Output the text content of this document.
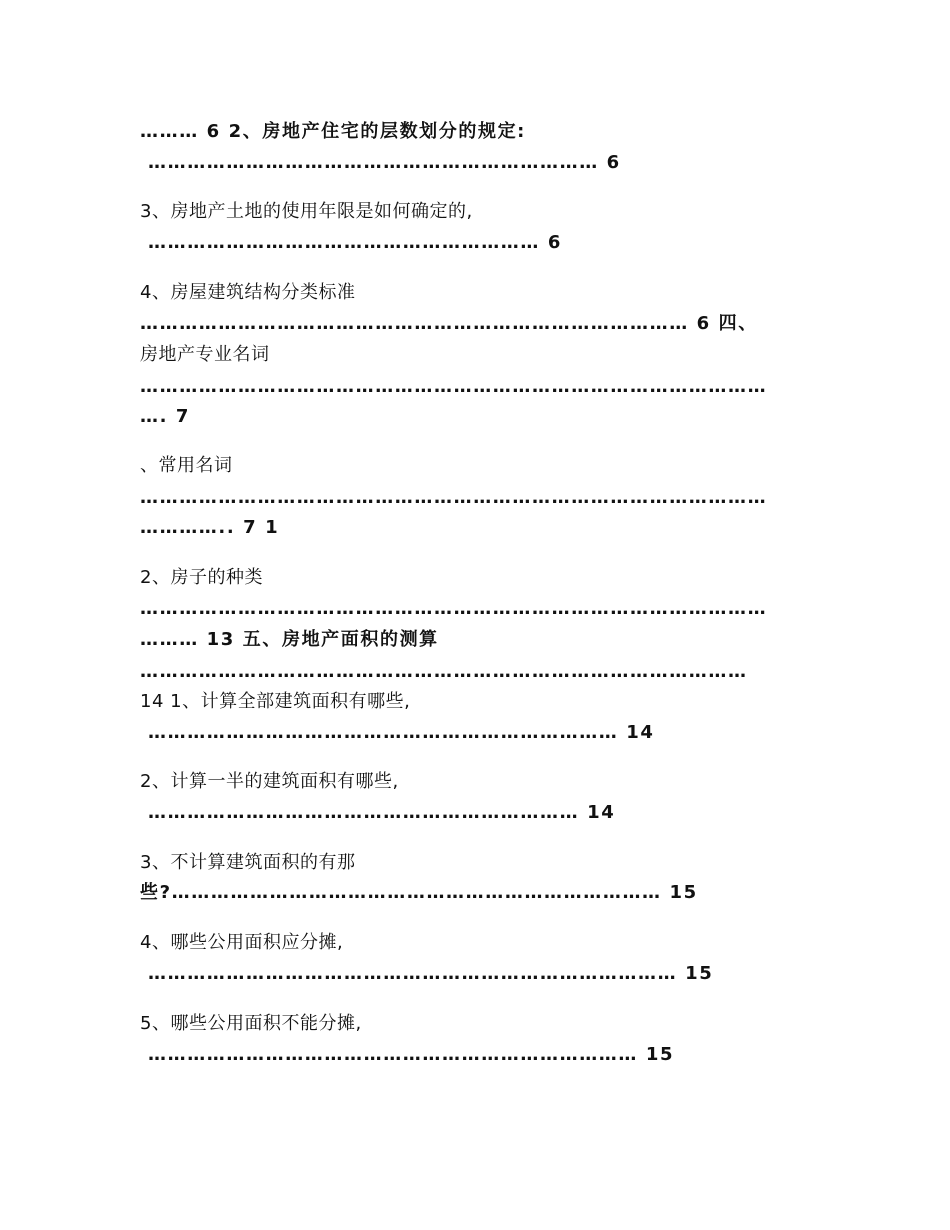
……… 6 2、房地产住宅的层数划分的规定:
…………………………………………………………… 6
3、房地产土地的使用年限是如何确定的,
…………………………………………………… 6
4、房屋建筑结构分类标准
………………………………………………………………………… 6 四、
房地产专业名词
……………………………………………………………………………………
…. 7
、常用名词
……………………………………………………………………………………
………….. 7 1
2、房子的种类
……………………………………………………………………………………
……… 13 五、房地产面积的测算
…………………………………………………………………………………
14 1、计算全部建筑面积有哪些,
……………………………………………………………… 14
2、计算一半的建筑面积有哪些,
………………………………………………………… 14
3、不计算建筑面积的有那
些?………………………………………………………………… 15
4、哪些公用面积应分摊,
……………………………………………………………………… 15
5、哪些公用面积不能分摊,
………………………………………………………………… 15
